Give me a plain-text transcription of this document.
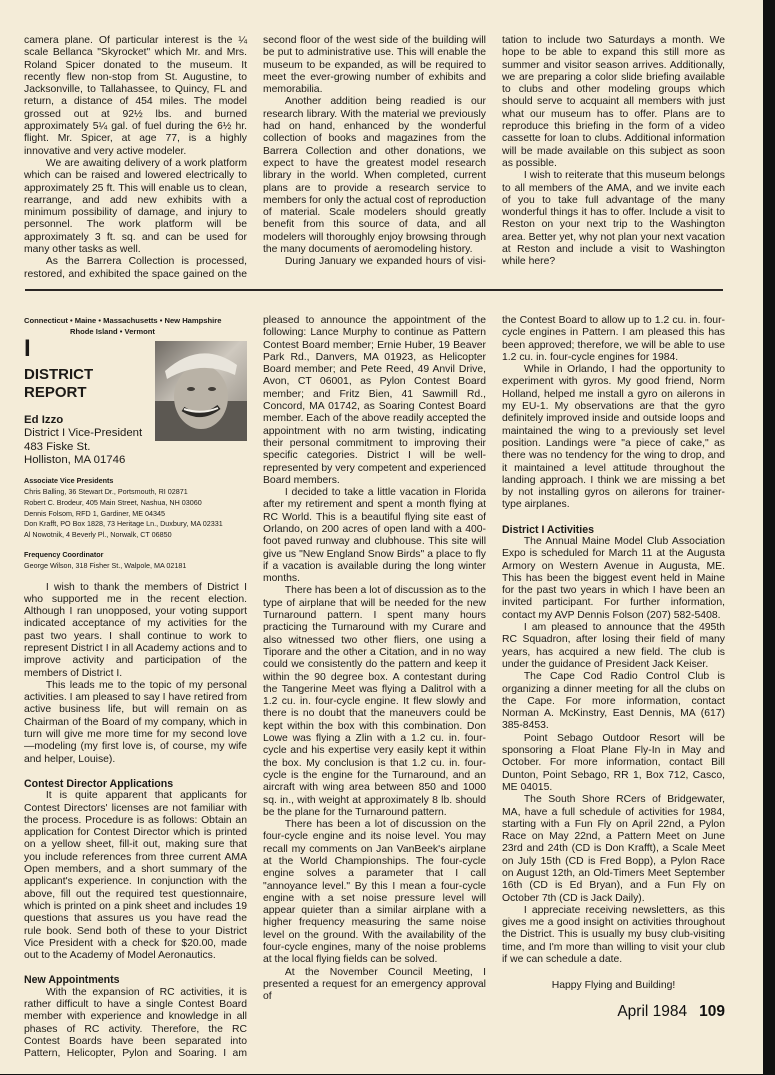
camera plane. Of particular interest is the ¼ scale Bellanca "Skyrocket" which Mr. and Mrs. Roland Spicer donated to the museum. It recently flew non-stop from St. Augustine, to Jacksonville, to Tallahassee, to Quincy, FL and return, a distance of 454 miles. The model grossed out at 92½ lbs. and burned approximately 5¼ gal. of fuel during the 6½ hr. flight. Mr. Spicer, at age 77, is a highly innovative and very active modeler.

We are awaiting delivery of a work platform which can be raised and lowered electrically to approximately 25 ft. This will enable us to clean, rearrange, and add new exhibits with a minimum possibility of damage, and injury to personnel. The work platform will be approximately 3 ft. sq. and can be used for many other tasks as well.

As the Barrera Collection is processed, restored, and exhibited the space gained on the

second floor of the west side of the building will be put to administrative use. This will enable the museum to be expanded, as will be required to meet the ever-growing number of exhibits and memorabilia.

Another addition being readied is our research library. With the material we previously had on hand, enhanced by the wonderful collection of books and magazines from the Barrera Collection and other donations, we expect to have the greatest model research library in the world. When completed, current plans are to provide a research service to members for only the actual cost of reproduction of material. Scale modelers should greatly benefit from this source of data, and all modelers will thoroughly enjoy browsing through the many documents of aeromodeling history.

During January we expanded hours of visi-

tation to include two Saturdays a month. We hope to be able to expand this still more as summer and visitor season arrives. Additionally, we are preparing a color slide briefing available to clubs and other modeling groups which should serve to acquaint all members with just what our museum has to offer. Plans are to reproduce this briefing in the form of a video cassette for loan to clubs. Additional information will be made available on this subject as soon as possible.

I wish to reiterate that this museum belongs to all members of the AMA, and we invite each of you to take full advantage of the many wonderful things it has to offer. Include a visit to Reston on your next trip to the Washington area. Better yet, why not plan your next vacation at Reston and include a visit to Washington while here?

Connecticut • Maine • Massachusetts • New Hampshire
Rhode Island • Vermont
I
DISTRICT REPORT
Ed Izzo
District I Vice-President
483 Fiske St.
Holliston, MA 01746
Associate Vice Presidents
Chris Balling, 36 Stewart Dr., Portsmouth, RI 02871
Robert C. Brodeur, 405 Main Street, Nashua, NH 03060
Dennis Folsom, RFD 1, Gardiner, ME 04345
Don Krafft, PO Box 1828, 73 Heritage Ln., Duxbury, MA 02331
Al Nowotnik, 4 Beverly Pl., Norwalk, CT 06850
Frequency Coordinator
George Wilson, 318 Fisher St., Walpole, MA 02181

I wish to thank the members of District I who supported me in the recent election. Although I ran unopposed, your voting support indicated acceptance of my activities for the past two years. I shall continue to work to represent District I in all Academy actions and to improve activity and participation of the members of District I.

This leads me to the topic of my personal activities. I am pleased to say I have retired from active business life, but will remain on as Chairman of the Board of my company, which in turn will give me more time for my second love—modeling (my first love is, of course, my wife and helper, Louise).

Contest Director Applications

It is quite apparent that applicants for Contest Directors' licenses are not familiar with the process. Procedure is as follows: Obtain an application for Contest Director which is printed on a yellow sheet, fill-it out, making sure that you include references from three current AMA Open members, and a short summary of the applicant's experience. In conjunction with the above, fill out the required test questionnaire, which is printed on a pink sheet and includes 19 questions that assures us you have read the rule book. Send both of these to your District Vice President with a check for $20.00, made out to the Academy of Model Aeronautics.

New Appointments

With the expansion of RC activities, it is rather difficult to have a single Contest Board member with experience and knowledge in all phases of RC activity. Therefore, the RC Contest Boards have been separated into Pattern, Helicopter, Pylon and Soaring. I am

pleased to announce the appointment of the following: Lance Murphy to continue as Pattern Contest Board member; Ernie Huber, 19 Beaver Park Rd., Danvers, MA 01923, as Helicopter Board member; and Pete Reed, 49 Anvil Drive, Avon, CT 06001, as Pylon Contest Board member; and Fritz Bien, 41 Sawmill Rd., Concord, MA 01742, as Soaring Contest Board member. Each of the above readily accepted the appointment with no arm twisting, indicating their personal commitment to improving their specific categories. District I will be well-represented by very competent and experienced Board members.

I decided to take a little vacation in Florida after my retirement and spent a month flying at RC World. This is a beautiful flying site east of Orlando, on 200 acres of open land with a 400-foot paved runway and clubhouse. This site will give us "New England Snow Birds" a place to fly if a vacation is available during the long winter months.

There has been a lot of discussion as to the type of airplane that will be needed for the new Turnaround pattern. I spent many hours practicing the Turnaround with my Curare and also witnessed two other fliers, one using a Tiporare and the other a Citation, and in no way could we consistently do the pattern and keep it within the 90 degree box. A contestant during the Tangerine Meet was flying a Dalitrol with a 1.2 cu. in. four-cycle engine. It flew slowly and there is no doubt that the maneuvers could be kept within the box with this combination. Don Lowe was flying a Zlin with a 1.2 cu. in. four-cycle and his expertise very easily kept it within the box. My conclusion is that 1.2 cu. in. four-cycle is the engine for the Turnaround, and an aircraft with wing area between 850 and 1000 sq. in., with weight at approximately 8 lb. should be the plane for the Turnaround pattern.

There has been a lot of discussion on the four-cycle engine and its noise level. You may recall my comments on Jan VanBeek's airplane at the World Championships. The four-cycle engine solves a parameter that I call "annoyance level." By this I mean a four-cycle engine with a set noise pressure level will appear quieter than a similar airplane with a higher frequency measuring the same noise level on the ground. With the availability of the four-cycle engines, many of the noise problems at the local flying fields can be solved.

At the November Council Meeting, I presented a request for an emergency approval of

the Contest Board to allow up to 1.2 cu. in. four-cycle engines in Pattern. I am pleased this has been approved; therefore, we will be able to use 1.2 cu. in. four-cycle engines for 1984.

While in Orlando, I had the opportunity to experiment with gyros. My good friend, Norm Holland, helped me install a gyro on ailerons in my EU-1. My observations are that the gyro definitely improved inside and outside loops and maintained the wing to a previously set level position. Landings were "a piece of cake," as there was no tendency for the wing to drop, and it maintained a level attitude throughout the landing approach. I think we are missing a bet by not installing gyros on ailerons for trainer-type airplanes.

District I Activities

The Annual Maine Model Club Association Expo is scheduled for March 11 at the Augusta Armory on Western Avenue in Augusta, ME. This has been the biggest event held in Maine for the past two years in which I have been an invited participant. For further information, contact my AVP Dennis Folson (207) 582-5408.

I am pleased to announce that the 495th RC Squadron, after losing their field of many years, has acquired a new field. The club is under the guidance of President Jack Keiser.

The Cape Cod Radio Control Club is organizing a dinner meeting for all the clubs on the Cape. For more information, contact Norman A. McKinstry, East Dennis, MA (617) 385-8453.

Point Sebago Outdoor Resort will be sponsoring a Float Plane Fly-In in May and October. For more information, contact Bill Dunton, Point Sebago, RR 1, Box 712, Casco, ME 04015.

The South Shore RCers of Bridgewater, MA, have a full schedule of activities for 1984, starting with a Fun Fly on April 22nd, a Pylon Race on May 22nd, a Pattern Meet on June 23rd and 24th (CD is Don Krafft), a Scale Meet on July 15th (CD is Fred Bopp), a Pylon Race on August 12th, an Old-Timers Meet September 16th (CD is Ed Bryan), and a Fun Fly on October 7th (CD is Jack Daily).

I appreciate receiving newsletters, as this gives me a good insight on activities throughout the District. This is usually my busy club-visiting time, and I'm more than willing to visit your club if we can schedule a date.

Happy Flying and Building!
April 1984 109
